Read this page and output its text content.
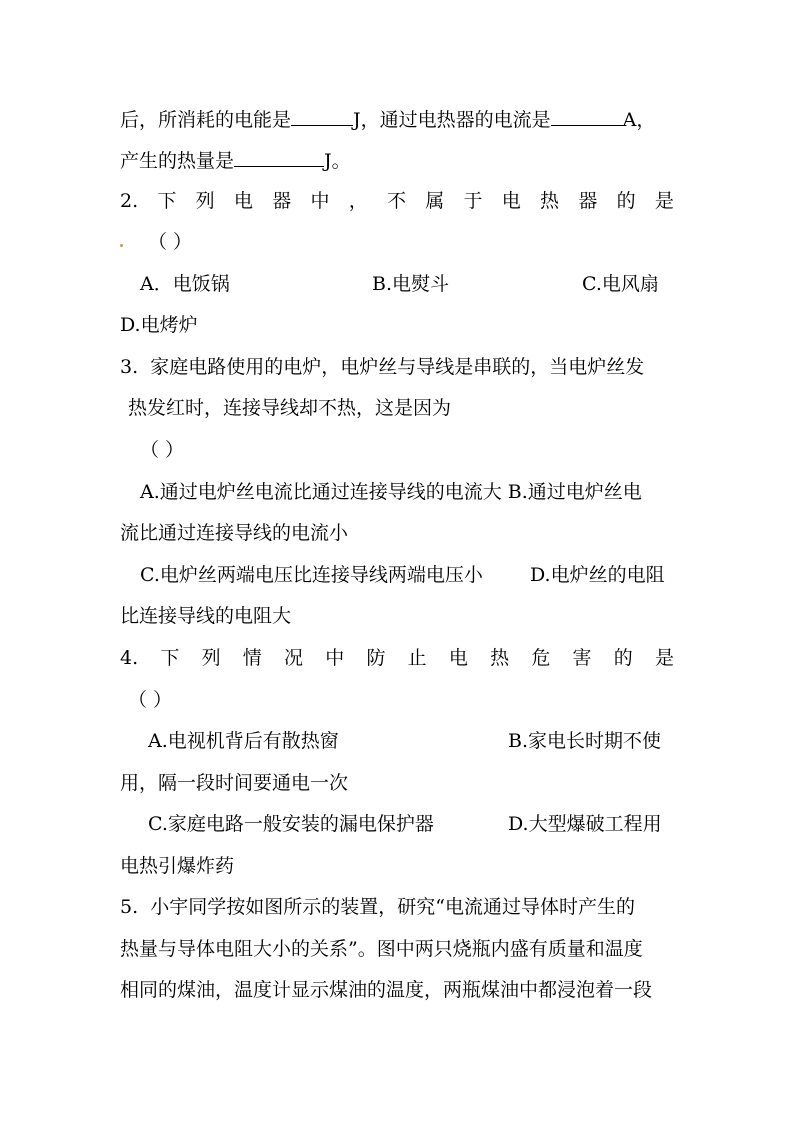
后，所消耗的电能是	J，通过电热器的电流是	A，
产生的热量是	J。
2. 下 列 电 器 中 ， 不 属 于 电 热 器 的 是
（ ）
A．电饭锅	B.电熨斗	C.电风扇
D.电烤炉
3. 家庭电路使用的电炉，电炉丝与导线是串联的，当电炉丝发
热发红时，连接导线却不热，这是因为
（ ）
A.通过电炉丝电流比通过连接导线的电流大 B.通过电炉丝电
流比通过连接导线的电流小
C.电炉丝两端电压比连接导线两端电压小 D.电炉丝的电阻
比连接导线的电阻大
4. 下 列 情 况 中 防 止 电 热 危 害 的 是
（ ）
A.电视机背后有散热窗	B.家电长时期不使
用，隔一段时间要通电一次
C.家庭电路一般安装的漏电保护器	D.大型爆破工程用
电热引爆炸药
5. 小宇同学按如图所示的装置，研究“电流通过导体时产生的
热量与导体电阻大小的关系”。图中两只烧瓶内盛有质量和温度
相同的煤油，温度计显示煤油的温度，两瓶煤油中都浸泡着一段
